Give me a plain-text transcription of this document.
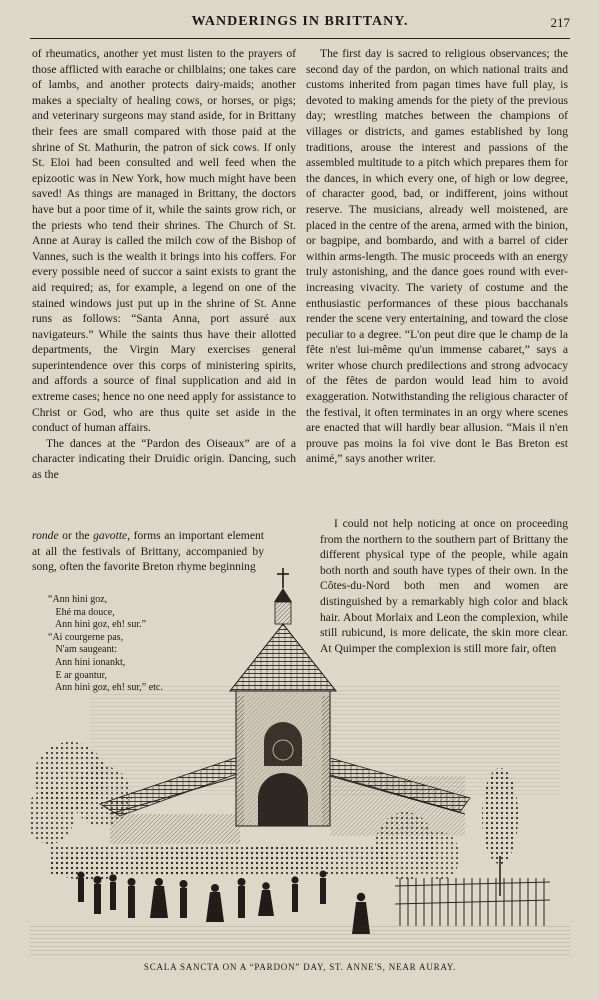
WANDERINGS IN BRITTANY.	217

of rheumatics, another yet must listen to the prayers of those afflicted with earache or chilblains; one takes care of lambs, and another protects dairy-maids; another makes a specialty of healing cows, or horses, or pigs; and veterinary surgeons may stand aside, for in Brittany their fees are small compared with those paid at the shrine of St. Mathurin, the patron of sick cows. If only St. Eloi had been consulted and well feed when the epizootic was in New York, how much might have been saved! As things are managed in Brittany, the doctors have but a poor time of it, while the saints grow rich, or the priests who tend their shrines. The Church of St. Anne at Auray is called the milch cow of the Bishop of Vannes, such is the wealth it brings into his coffers. For every possible need of succor a saint exists to grant the aid required; as, for example, a legend on one of the stained windows just put up in the shrine of St. Anne runs as follows: “Santa Anna, port assuré aux navigateurs.” While the saints thus have their allotted departments, the Virgin Mary exercises general superintendence over this corps of ministering spirits, and affords a source of final supplication and aid in extreme cases; hence no one need apply for assistance to Christ or God, who are thus quite set aside in the conduct of human affairs.

The dances at the “Pardon des Oiseaux” are of a character indicating their Druidic origin. Dancing, such as the

ronde or the gavotte, forms an important element at all the festivals of Brittany, accompanied by song, often the favorite Breton rhyme beginning

The first day is sacred to religious observances; the second day of the pardon, on which national traits and customs inherited from pagan times have full play, is devoted to making amends for the piety of the previous day; wrestling matches between the champions of villages or districts, and games established by long traditions, arouse the interest and passions of the assembled multitude to a pitch which prepares them for the dances, in which every one, of high or low degree, of character good, bad, or indifferent, joins without reserve. The musicians, already well moistened, are placed in the centre of the arena, armed with the binion, or bagpipe, and bombardo, and with a barrel of cider within arms-length. The music proceeds with an energy truly astonishing, and the dance goes round with ever-increasing vivacity. The variety of costume and the enthusiastic performances of these pious bacchanals render the scene very entertaining, and toward the close peculiar to a degree. “L'on peut dire que le champ de la fête n'est lui-même qu'un immense cabaret,” says a writer whose church predilections and strong advocacy of the fêtes de pardon would lead him to avoid exaggeration. Notwithstanding the religious character of the festival, it often terminates in an orgy where scenes are enacted that will hardly bear allusion. “Mais il n'en prouve pas moins la foi vive dont le Bas Breton est animé,” says another writer.

“Ann hini goz,
Ehé ma douce,
Ann hini goz, eh! sur.”
“Ai courgerne pas,
N'am saugeant:
Ann hini ionankt,
E ar goantur,
Ann hini goz, eh! sur,” etc.

I could not help noticing at once on proceeding from the northern to the southern part of Brittany the different physical type of the people, while again both north and south have types of their own. In the Côtes-du-Nord both men and women are distinguished by a remarkably high color and black hair. About Morlaix and Leon the complexion, while still rubicund, is more delicate, the skin more clear. At Quimper the complexion is still more fair, often

SCALA SANCTA ON A “PARDON” DAY, ST. ANNE'S, NEAR AURAY.
